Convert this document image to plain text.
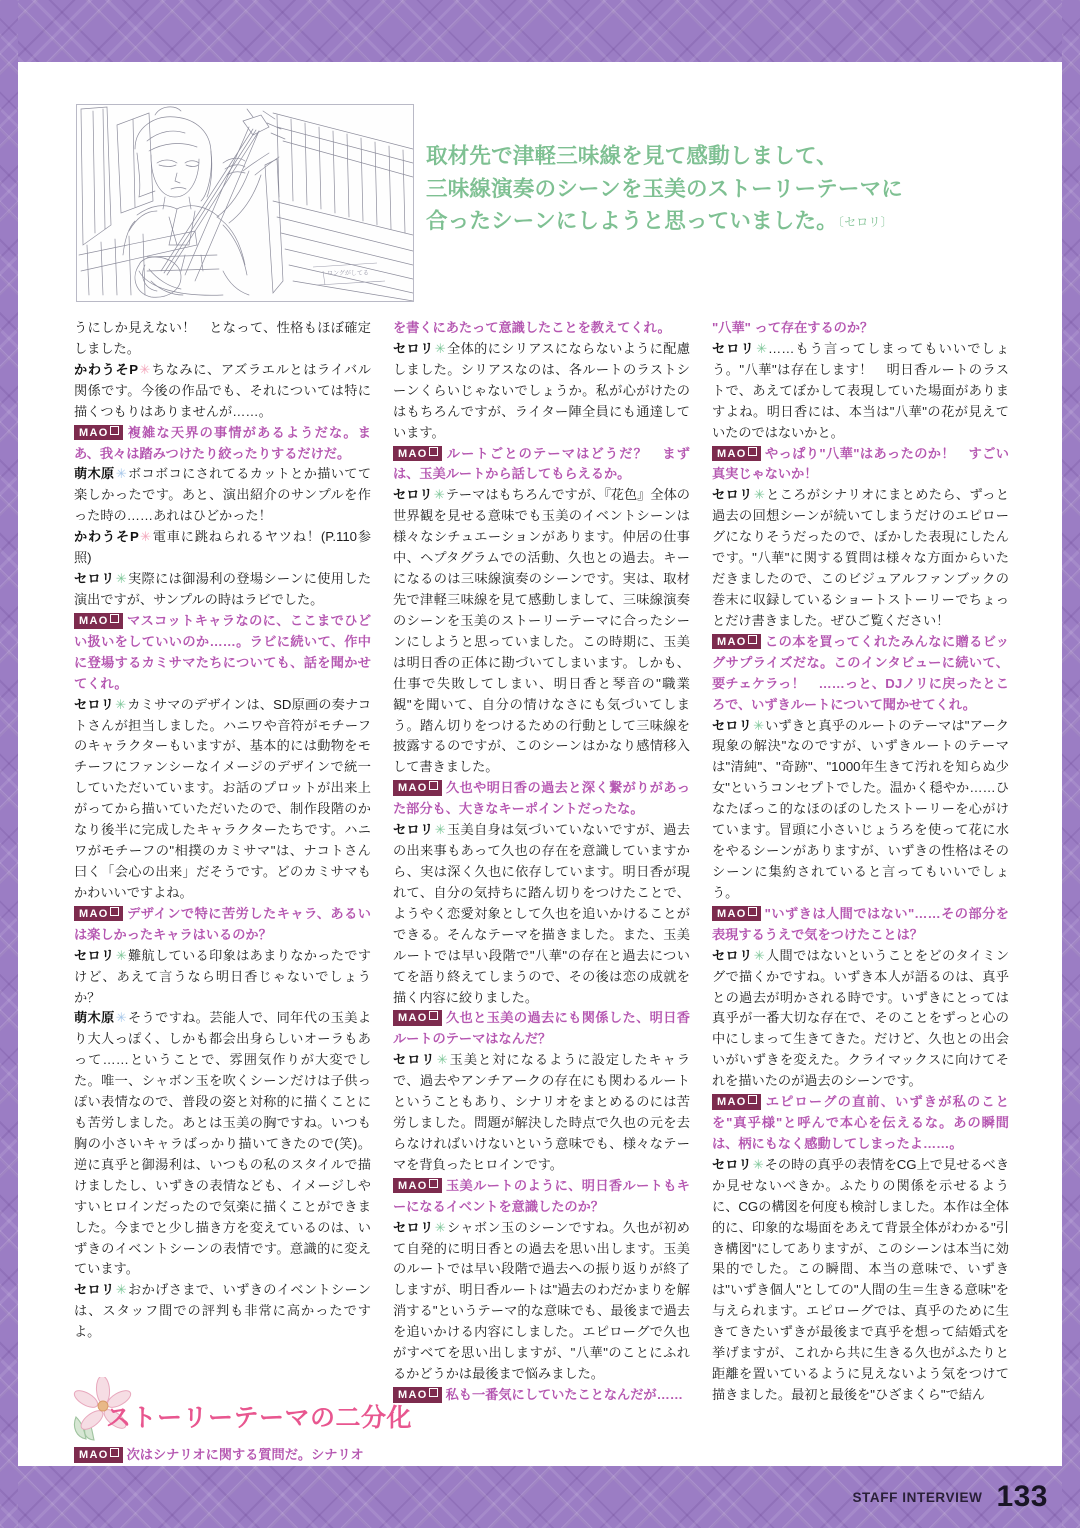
ロングがしてる
取材先で津軽三味線を見て感動しまして、
三味線演奏のシーンを玉美のストーリーテーマに
合ったシーンにしようと思っていました。〔セロリ〕

うにしか見えない！　となって、性格もほぼ確定しました。

かわうそP✳ちなみに、アズラエルとはライバル関係です。今後の作品でも、それについては特に描くつもりはありませんが……。

MAO 複雑な天界の事情があるようだな。まあ、我々は踏みつけたり絞ったりするだけだ。

萌木原✳ボコボコにされてるカットとか描いてて楽しかったです。あと、演出紹介のサンプルを作った時の……あれはひどかった！

かわうそP✳電車に跳ねられるヤツね！(P.110参照)

セロリ✳実際には御湯利の登場シーンに使用した演出ですが、サンプルの時はラビでした。

MAO マスコットキャラなのに、ここまでひどい扱いをしていいのか……。ラビに続いて、作中に登場するカミサマたちについても、話を聞かせてくれ。

セロリ✳カミサマのデザインは、SD原画の奏ナコトさんが担当しました。ハニワや音符がモチーフのキャラクターもいますが、基本的には動物をモチーフにファンシーなイメージのデザインで統一していただいています。お話のプロットが出来上がってから描いていただいたので、制作段階のかなり後半に完成したキャラクターたちです。ハニワがモチーフの"相撲のカミサマ"は、ナコトさん曰く「会心の出来」だそうです。どのカミサマもかわいいですよね。

MAO デザインで特に苦労したキャラ、あるいは楽しかったキャラはいるのか？

セロリ✳難航している印象はあまりなかったですけど、あえて言うなら明日香じゃないでしょうか？

萌木原✳そうですね。芸能人で、同年代の玉美より大人っぽく、しかも都会出身らしいオーラもあって……ということで、雰囲気作りが大変でした。唯一、シャボン玉を吹くシーンだけは子供っぽい表情なので、普段の姿と対称的に描くことにも苦労しました。あとは玉美の胸ですね。いつも胸の小さいキャラばっかり描いてきたので(笑)。逆に真乎と御湯利は、いつもの私のスタイルで描けましたし、いずきの表情なども、イメージしやすいヒロインだったので気楽に描くことができました。今までと少し描き方を変えているのは、いずきのイベントシーンの表情です。意識的に変えています。

セロリ✳おかげさまで、いずきのイベントシーンは、スタッフ間での評判も非常に高かったですよ。

ストーリーテーマの二分化

MAO 次はシナリオに関する質問だ。シナリオ

を書くにあたって意識したことを教えてくれ。

セロリ✳全体的にシリアスにならないように配慮しました。シリアスなのは、各ルートのラストシーンくらいじゃないでしょうか。私が心がけたのはもちろんですが、ライター陣全員にも通達しています。

MAO ルートごとのテーマはどうだ？　まずは、玉美ルートから話してもらえるか。

セロリ✳テーマはもちろんですが、『花色』全体の世界観を見せる意味でも玉美のイベントシーンは様々なシチュエーションがあります。仲居の仕事中、ヘプタグラムでの活動、久也との過去。キーになるのは三味線演奏のシーンです。実は、取材先で津軽三味線を見て感動しまして、三味線演奏のシーンを玉美のストーリーテーマに合ったシーンにしようと思っていました。この時期に、玉美は明日香の正体に勘づいてしまいます。しかも、仕事で失敗してしまい、明日香と琴音の"職業観"を聞いて、自分の情けなさにも気づいてしまう。踏ん切りをつけるための行動として三味線を披露するのですが、このシーンはかなり感情移入して書きました。

MAO 久也や明日香の過去と深く繋がりがあった部分も、大きなキーポイントだったな。

セロリ✳玉美自身は気づいていないですが、過去の出来事もあって久也の存在を意識していますから、実は深く久也に依存しています。明日香が現れて、自分の気持ちに踏ん切りをつけたことで、ようやく恋愛対象として久也を追いかけることができる。そんなテーマを描きました。また、玉美ルートでは早い段階で"八華"の存在と過去についてを語り終えてしまうので、その後は恋の成就を描く内容に絞りました。

MAO 久也と玉美の過去にも関係した、明日香ルートのテーマはなんだ？

セロリ✳玉美と対になるように設定したキャラで、過去やアンチアークの存在にも関わるルートということもあり、シナリオをまとめるのには苦労しました。問題が解決した時点で久也の元を去らなければいけないという意味でも、様々なテーマを背負ったヒロインです。

MAO 玉美ルートのように、明日香ルートもキーになるイベントを意識したのか？

セロリ✳シャボン玉のシーンですね。久也が初めて自発的に明日香との過去を思い出します。玉美のルートでは早い段階で過去への振り返りが終了しますが、明日香ルートは"過去のわだかまりを解消する"というテーマ的な意味でも、最後まで過去を追いかける内容にしました。エピローグで久也がすべてを思い出しますが、"八華"のことにふれるかどうかは最後まで悩みました。

MAO 私も一番気にしていたことなんだが……

"八華" って存在するのか？

セロリ✳……もう言ってしまってもいいでしょう。"八華"は存在します！　明日香ルートのラストで、あえてぼかして表現していた場面がありますよね。明日香には、本当は"八華"の花が見えていたのではないかと。

MAO やっぱり"八華"はあったのか！　すごい真実じゃないか！

セロリ✳ところがシナリオにまとめたら、ずっと過去の回想シーンが続いてしまうだけのエピローグになりそうだったので、ぼかした表現にしたんです。"八華"に関する質問は様々な方面からいただきましたので、このビジュアルファンブックの巻末に収録しているショートストーリーでちょっとだけ書きました。ぜひご覧ください！

MAO この本を買ってくれたみんなに贈るビッグサプライズだな。このインタビューに続いて、要チェケラっ！　……っと、DJノリに戻ったところで、いずきルートについて聞かせてくれ。

セロリ✳いずきと真乎のルートのテーマは"アーク現象の解決"なのですが、いずきルートのテーマは"清純"、"奇跡"、"1000年生きて汚れを知らぬ少女"というコンセプトでした。温かく穏やか……ひなたぼっこ的なほのぼのしたストーリーを心がけています。冒頭に小さいじょうろを使って花に水をやるシーンがありますが、いずきの性格はそのシーンに集約されていると言ってもいいでしょう。

MAO "いずきは人間ではない"……その部分を表現するうえで気をつけたことは？

セロリ✳人間ではないということをどのタイミングで描くかですね。いずき本人が語るのは、真乎との過去が明かされる時です。いずきにとっては真乎が一番大切な存在で、そのことをずっと心の中にしまって生きてきた。だけど、久也との出会いがいずきを変えた。クライマックスに向けてそれを描いたのが過去のシーンです。

MAO エピローグの直前、いずきが私のことを"真乎様"と呼んで本心を伝えるな。あの瞬間は、柄にもなく感動してしまったよ……。

セロリ✳その時の真乎の表情をCG上で見せるべきか見せないべきか。ふたりの関係を示せるように、CGの構図を何度も検討しました。本作は全体的に、印象的な場面をあえて背景全体がわかる"引き構図"にしてありますが、このシーンは本当に効果的でした。この瞬間、本当の意味で、いずきは"いずき個人"としての"人間の生＝生きる意味"を与えられます。エピローグでは、真乎のために生きてきたいずきが最後まで真乎を想って結婚式を挙げますが、これから共に生きる久也がふたりと距離を置いているように見えないよう気をつけて描きました。最初と最後を"ひざまくら"で結ん

STAFF INTERVIEW 133
